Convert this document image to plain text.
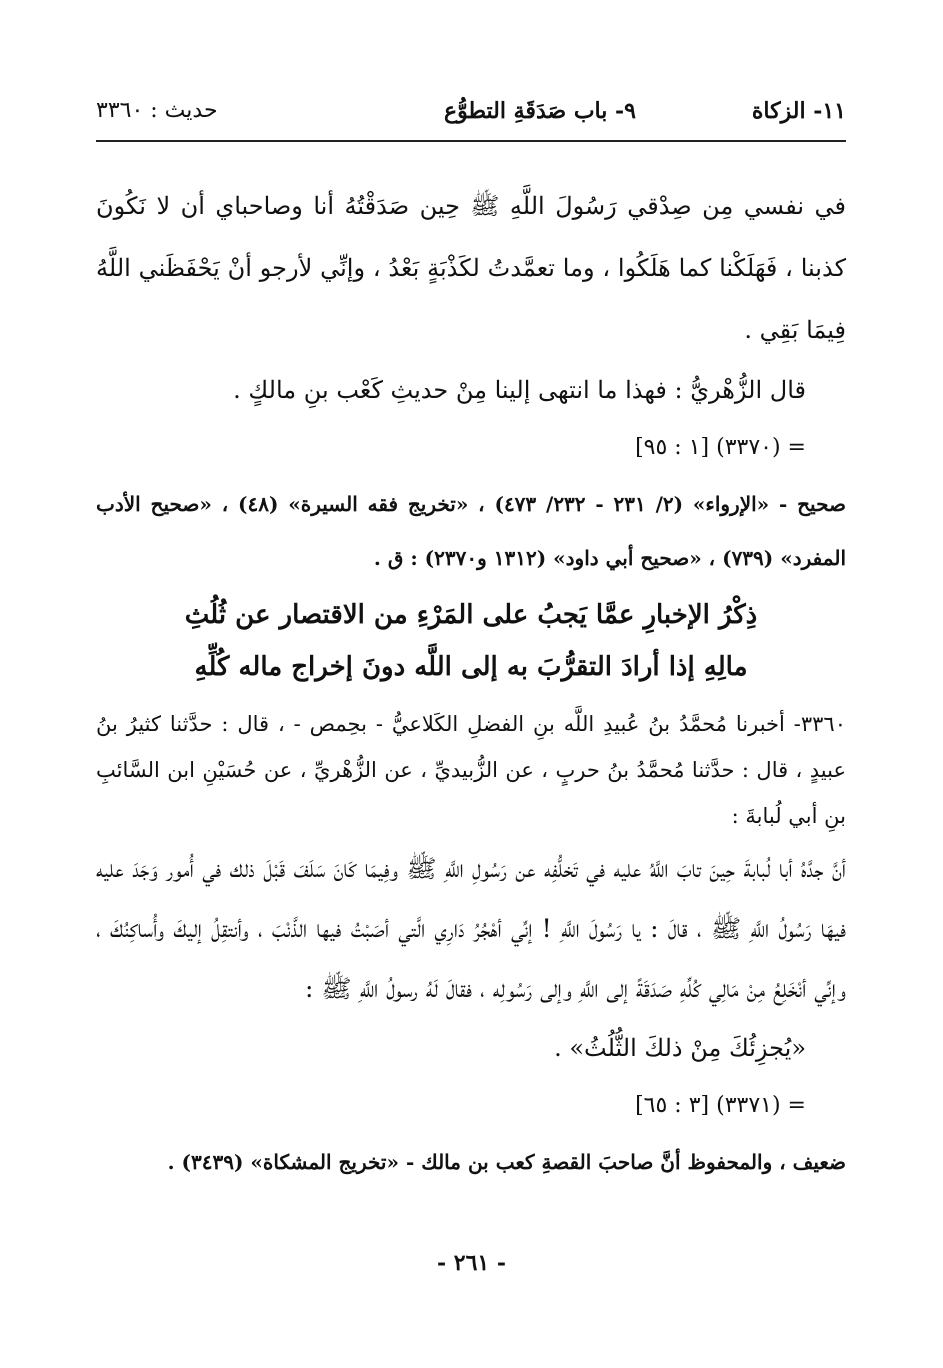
١١- الزكاة
٩- باب صَدَقَةِ التطوُّع
حديث : ٣٣٦٠

في نفسي مِن صِدْقي رَسُولَ اللَّهِ ﷺ حِين صَدَقْتُهُ أنا وصاحباي أن لا نَكُونَ كذبنا ، فَهَلَكْنا كما هَلَكُوا ، وما تعمَّدتُ لكَذْبَةٍ بَعْدُ ، وإنِّي لأرجو أنْ يَحْفَظَني اللَّهُ فِيمَا بَقِي .

قال الزُّهْريُّ : فهذا ما انتهى إلينا مِنْ حديثِ كَعْب بنِ مالكٍ .

= (٣٣٧٠) [١ : ٩٥]

صحيح - «الإرواء» (٢/ ٢٣١ - ٢٣٢/ ٤٧٣) ، «تخريج فقه السيرة» (٤٨) ، «صحيح الأدب المفرد» (٧٣٩) ، «صحيح أبي داود» (١٣١٢ و٢٣٧٠) : ق .

ذِكْرُ الإخبارِ عمَّا يَجبُ على المَرْءِ من الاقتصار عن ثُلُثِ
مالِهِ إذا أرادَ التقرُّبَ به إلى اللَّه دونَ إخراج ماله كُلِّهِ

٣٣٦٠- أخبرنا مُحمَّدُ بنُ عُبيدِ اللَّه بنِ الفضلِ الكَلاعيُّ - بحِمص - ، قال : حدَّثنا كثيرُ بنُ عبيدٍ ، قال : حدَّثنا مُحمَّدُ بنُ حربٍ ، عن الزُّبيديِّ ، عن الزُّهْريِّ ، عن حُسَيْنِ ابن السَّائبِ بنِ أبي لُبابةَ :

أنَّ جدَّهُ أبا لُبابةَ حِينَ تابَ اللَّهُ عليه في تَخلُّفِه عن رَسُولِ اللَّهِ ﷺ وفِيمَا كَانَ سَلَفَ قَبْلَ ذلك في أُمور وَجَدَ عليه فيهَا رَسُولُ اللَّهِ ﷺ ، قالَ : يا رَسُولَ اللَّهِ ! إنِّي أهْجُرُ دَارِي الَّتي أصَبْتُ فيها الذَّنْبَ ، وأنتقِلُ إليكَ وأُساكِنُكَ ، وإنِّي أنْخَلِعُ مِنْ مَالِي كُلِّهِ صَدَقَةً إلى اللَّهِ وإلى رَسُولِه ، فقالَ لَهُ رسولُ اللَّهِ ﷺ :

«يُجزِئُكَ مِنْ ذلكَ الثُّلُثُ» .

= (٣٣٧١) [٣ : ٦٥]

ضعيف ، والمحفوظ أنَّ صاحبَ القصةِ كعب بن مالك - «تخريج المشكاة» (٣٤٣٩) .

- ٢٦١ -
